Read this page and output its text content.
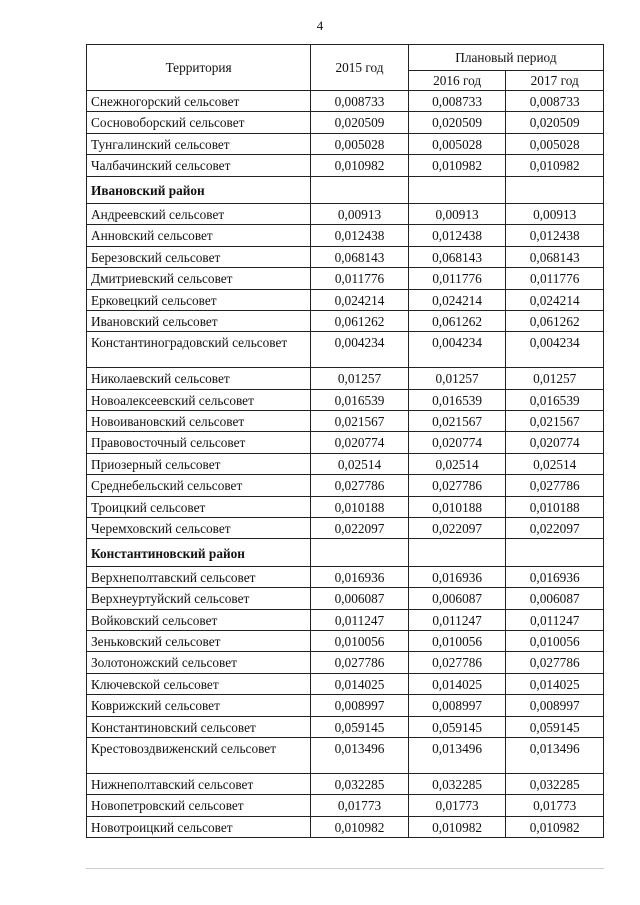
4
Территория	2015 год	Плановый период	
		2016 год	2017 год
Снежногорский сельсовет	0,008733	0,008733	0,008733
Сосновоборский сельсовет	0,020509	0,020509	0,020509
Тунгалинский сельсовет	0,005028	0,005028	0,005028
Чалбачинский сельсовет	0,010982	0,010982	0,010982
Ивановский район			
Андреевский сельсовет	0,00913	0,00913	0,00913
Анновский сельсовет	0,012438	0,012438	0,012438
Березовский сельсовет	0,068143	0,068143	0,068143
Дмитриевский сельсовет	0,011776	0,011776	0,011776
Ерковецкий сельсовет	0,024214	0,024214	0,024214
Ивановский сельсовет	0,061262	0,061262	0,061262
Константиноградовский сельсовет	0,004234	0,004234	0,004234
Николаевский сельсовет	0,01257	0,01257	0,01257
Новоалексеевский сельсовет	0,016539	0,016539	0,016539
Новоивановский сельсовет	0,021567	0,021567	0,021567
Правовосточный сельсовет	0,020774	0,020774	0,020774
Приозерный сельсовет	0,02514	0,02514	0,02514
Среднебельский сельсовет	0,027786	0,027786	0,027786
Троицкий сельсовет	0,010188	0,010188	0,010188
Черемховский сельсовет	0,022097	0,022097	0,022097
Константиновский район			
Верхнеполтавский сельсовет	0,016936	0,016936	0,016936
Верхнеуртуйский сельсовет	0,006087	0,006087	0,006087
Войковский сельсовет	0,011247	0,011247	0,011247
Зеньковский сельсовет	0,010056	0,010056	0,010056
Золотоножский сельсовет	0,027786	0,027786	0,027786
Ключевской сельсовет	0,014025	0,014025	0,014025
Коврижский сельсовет	0,008997	0,008997	0,008997
Константиновский сельсовет	0,059145	0,059145	0,059145
Крестовоздвиженский сельсовет	0,013496	0,013496	0,013496
Нижнеполтавский сельсовет	0,032285	0,032285	0,032285
Новопетровский сельсовет	0,01773	0,01773	0,01773
Новотроицкий сельсовет	0,010982	0,010982	0,010982
